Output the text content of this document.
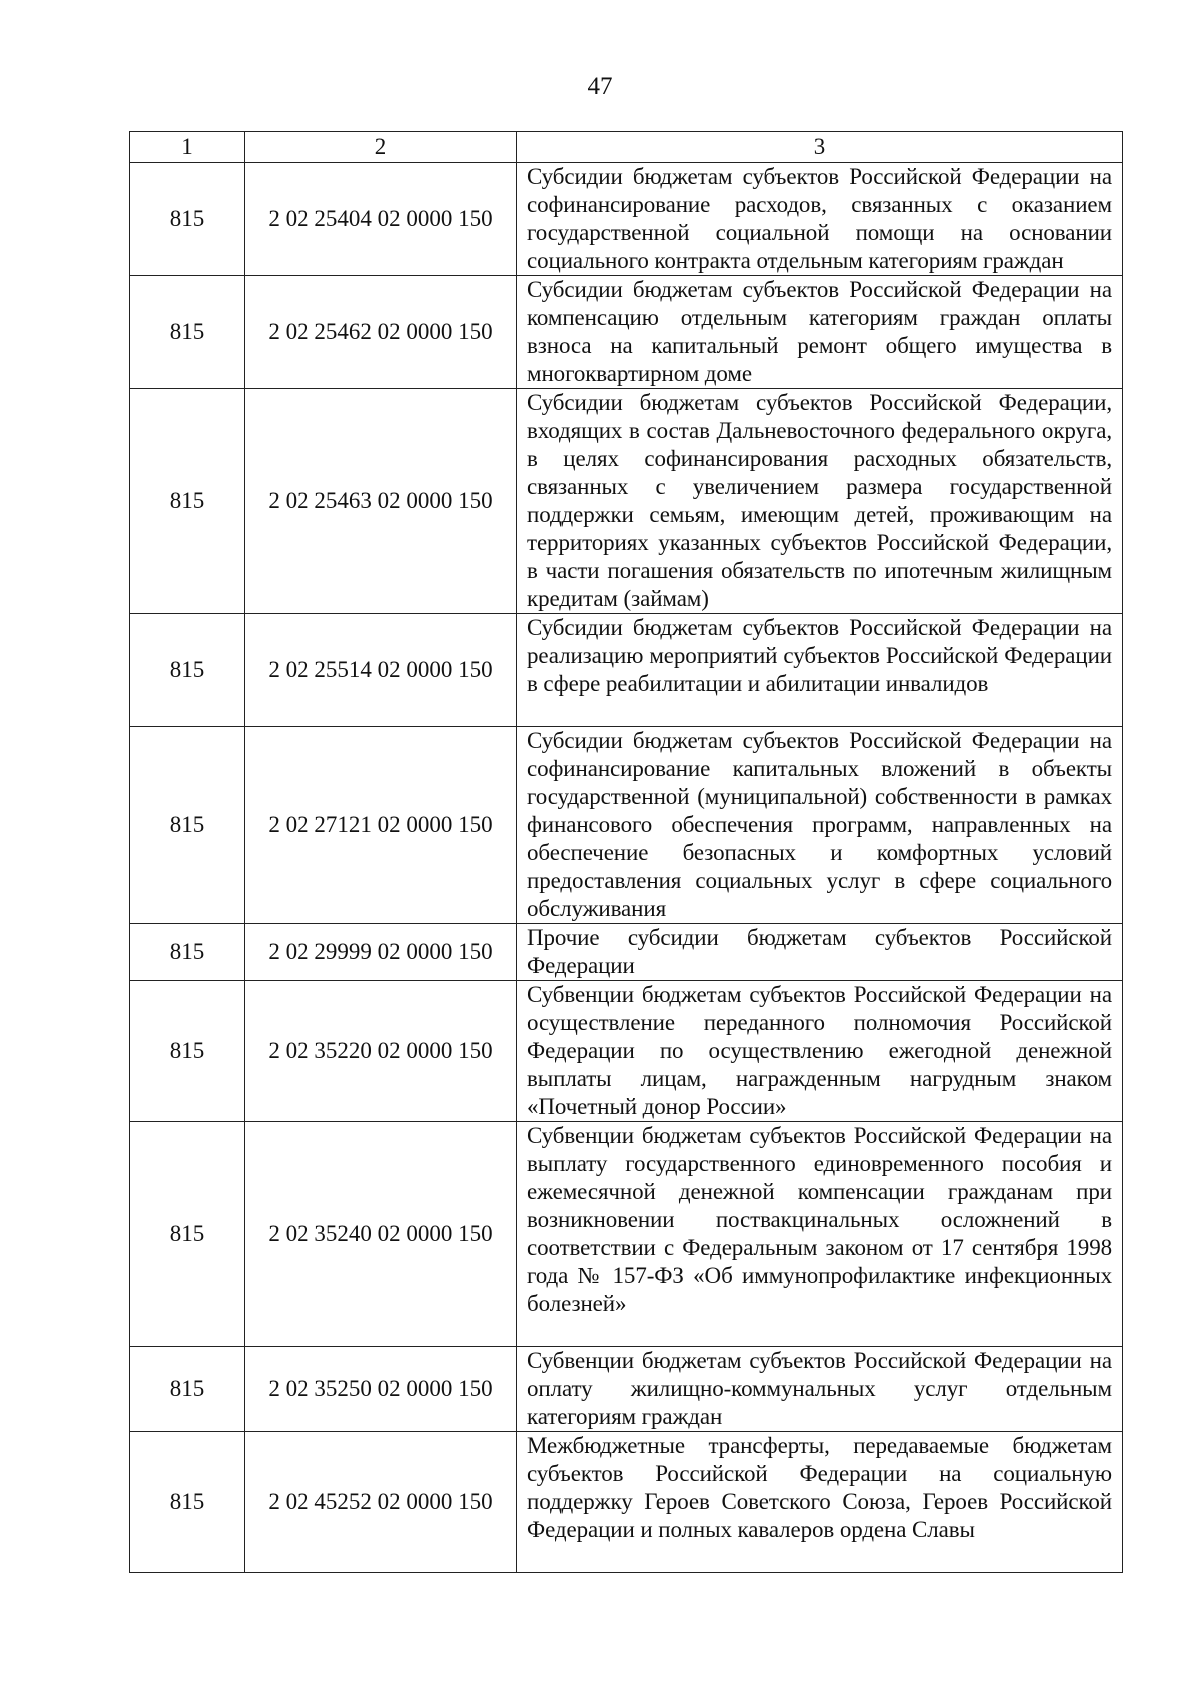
47
1	2	3
815	2 02 25404 02 0000 150	Субсидии бюджетам субъектов Российской Федерации на софинансирование расходов, связанных с оказанием государственной социальной помощи на основании социального контракта отдельным категориям граждан
815	2 02 25462 02 0000 150	Субсидии бюджетам субъектов Российской Федерации на компенсацию отдельным категориям граждан оплаты взноса на капитальный ремонт общего имущества в многоквартирном доме
815	2 02 25463 02 0000 150	Субсидии бюджетам субъектов Российской Федерации, входящих в состав Дальневосточного федерального округа, в целях софинансирования расходных обязательств, связанных с увеличением размера государственной поддержки семьям, имеющим детей, проживающим на территориях указанных субъектов Российской Федерации, в части погашения обязательств по ипотечным жилищным кредитам (займам)
815	2 02 25514 02 0000 150	Субсидии бюджетам субъектов Российской Федерации на реализацию мероприятий субъектов Российской Федерации в сфере реабилитации и абилитации инвалидов
815	2 02 27121 02 0000 150	Субсидии бюджетам субъектов Российской Федерации на софинансирование капитальных вложений в объекты государственной (муниципальной) собственности в рамках финансового обеспечения программ, направленных на обеспечение безопасных и комфортных условий предоставления социальных услуг в сфере социального обслуживания
815	2 02 29999 02 0000 150	Прочие субсидии бюджетам субъектов Российской Федерации
815	2 02 35220 02 0000 150	Субвенции бюджетам субъектов Российской Федерации на осуществление переданного полномочия Российской Федерации по осуществлению ежегодной денежной выплаты лицам, награжденным нагрудным знаком «Почетный донор России»
815	2 02 35240 02 0000 150	Субвенции бюджетам субъектов Российской Федерации на выплату государственного единовременного пособия и ежемесячной денежной компенсации гражданам при возникновении поствакцинальных осложнений в соответствии с Федеральным законом от 17 сентября 1998 года № 157-ФЗ «Об иммунопрофилактике инфекционных болезней»
815	2 02 35250 02 0000 150	Субвенции бюджетам субъектов Российской Федерации на оплату жилищно-коммунальных услуг отдельным категориям граждан
815	2 02 45252 02 0000 150	Межбюджетные трансферты, передаваемые бюджетам субъектов Российской Федерации на социальную поддержку Героев Советского Союза, Героев Российской Федерации и полных кавалеров ордена Славы
